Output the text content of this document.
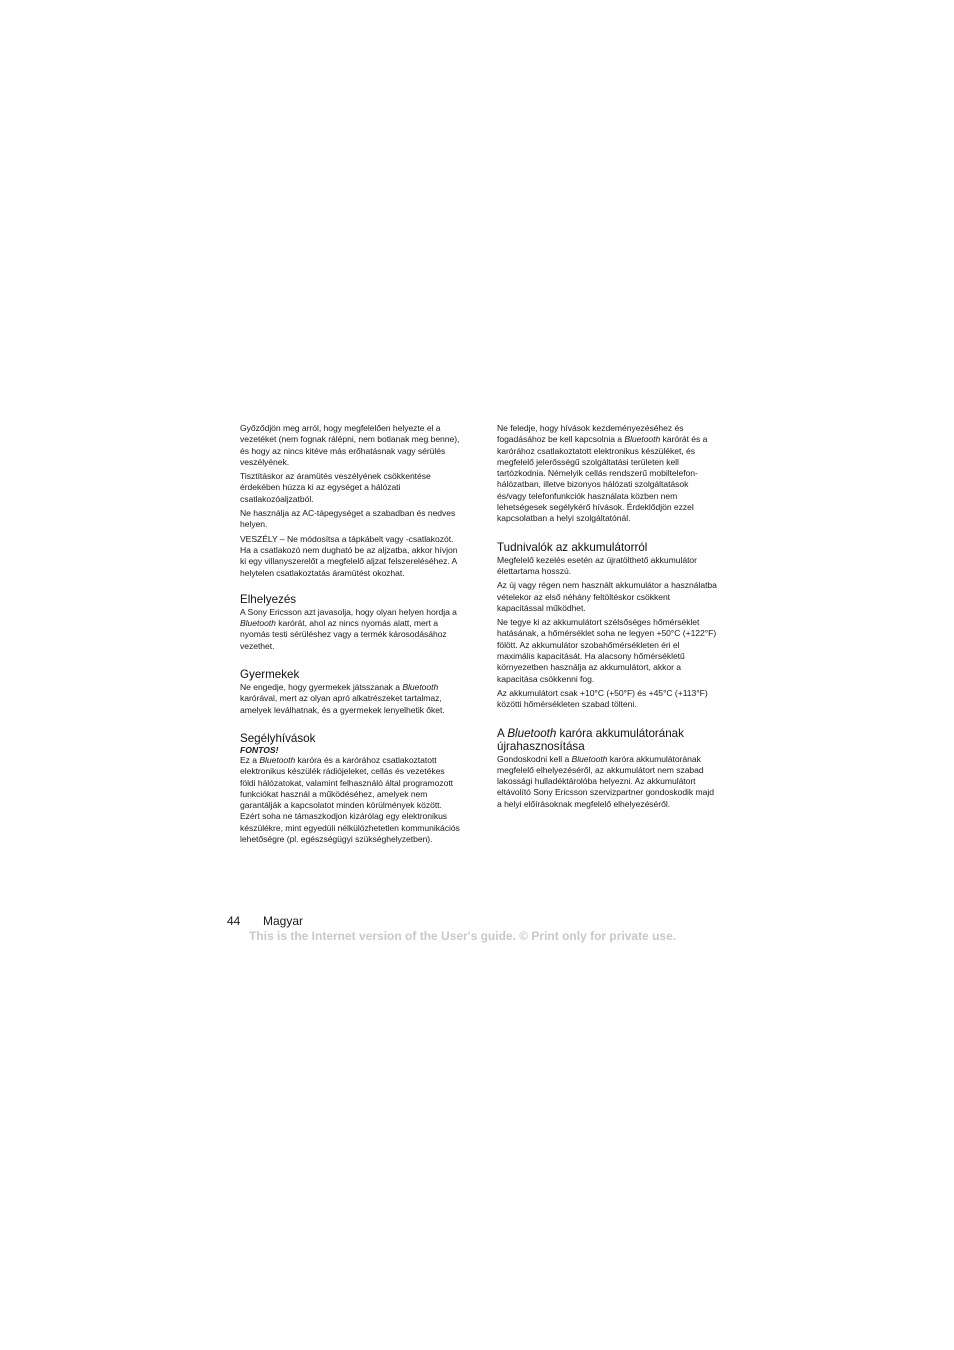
Győződjön meg arról, hogy megfelelően helyezte el a vezetéket (nem fognak rálépni, nem botlanak meg benne), és hogy az nincs kitéve más erőhatásnak vagy sérülés veszélyének.

Tisztításkor az áramütés veszélyének csökkentése érdekében húzza ki az egységet a hálózati csatlakozóaljzatból.

Ne használja az AC-tápegységet a szabadban és nedves helyen.

VESZÉLY – Ne módosítsa a tápkábelt vagy -csatlakozót. Ha a csatlakozó nem dugható be az aljzatba, akkor hívjon ki egy villanyszerelőt a megfelelő aljzat felszereléséhez. A helytelen csatlakoztatás áramütést okozhat.

Elhelyezés

A Sony Ericsson azt javasolja, hogy olyan helyen hordja a Bluetooth karórát, ahol az nincs nyomás alatt, mert a nyomás testi sérüléshez vagy a termék károsodásához vezethet.

Gyermekek

Ne engedje, hogy gyermekek játsszanak a Bluetooth karórával, mert az olyan apró alkatrészeket tartalmaz, amelyek leválhatnak, és a gyermekek lenyelhetik őket.

Segélyhívások

FONTOS!

Ez a Bluetooth karóra és a karórához csatlakoztatott elektronikus készülék rádiójeleket, cellás és vezetékes földi hálózatokat, valamint felhasználó által programozott funkciókat használ a működéséhez, amelyek nem garantálják a kapcsolatot minden körülmények között. Ezért soha ne támaszkodjon kizárólag egy elektronikus készülékre, mint egyedüli nélkülözhetetlen kommunikációs lehetőségre (pl. egészségügyi szükséghelyzetben).

Ne feledje, hogy hívások kezdeményezéséhez és fogadásához be kell kapcsolnia a Bluetooth karórát és a karórához csatlakoztatott elektronikus készüléket, és megfelelő jelerősségű szolgáltatási területen kell tartózkodnia. Némelyik cellás rendszerű mobiltelefon-hálózatban, illetve bizonyos hálózati szolgáltatások és/vagy telefonfunkciók használata közben nem lehetségesek segélykérő hívások. Érdeklődjön ezzel kapcsolatban a helyi szolgáltatónál.

Tudnivalók az akkumulátorról

Megfelelő kezelés esetén az újratölthető akkumulátor élettartama hosszú.

Az új vagy régen nem használt akkumulátor a használatba vételekor az első néhány feltöltéskor csökkent kapacitással működhet.

Ne tegye ki az akkumulátort szélsőséges hőmérséklet hatásának, a hőmérséklet soha ne legyen +50°C (+122°F) fölött. Az akkumulátor szobahőmérsékleten éri el maximális kapacitását. Ha alacsony hőmérsékletű környezetben használja az akkumulátort, akkor a kapacitása csökkenni fog.

Az akkumulátort csak +10°C (+50°F) és +45°C (+113°F) közötti hőmérsékleten szabad tölteni.

A Bluetooth karóra akkumulátorának újrahasznosítása

Gondoskodni kell a Bluetooth karóra akkumulátorának megfelelő elhelyezéséről, az akkumulátort nem szabad lakossági hulladéktárolóba helyezni. Az akkumulátort eltávolító Sony Ericsson szervizpartner gondoskodik majd a helyi előírásoknak megfelelő elhelyezéséről.

44 Magyar
This is the Internet version of the User's guide. © Print only for private use.
